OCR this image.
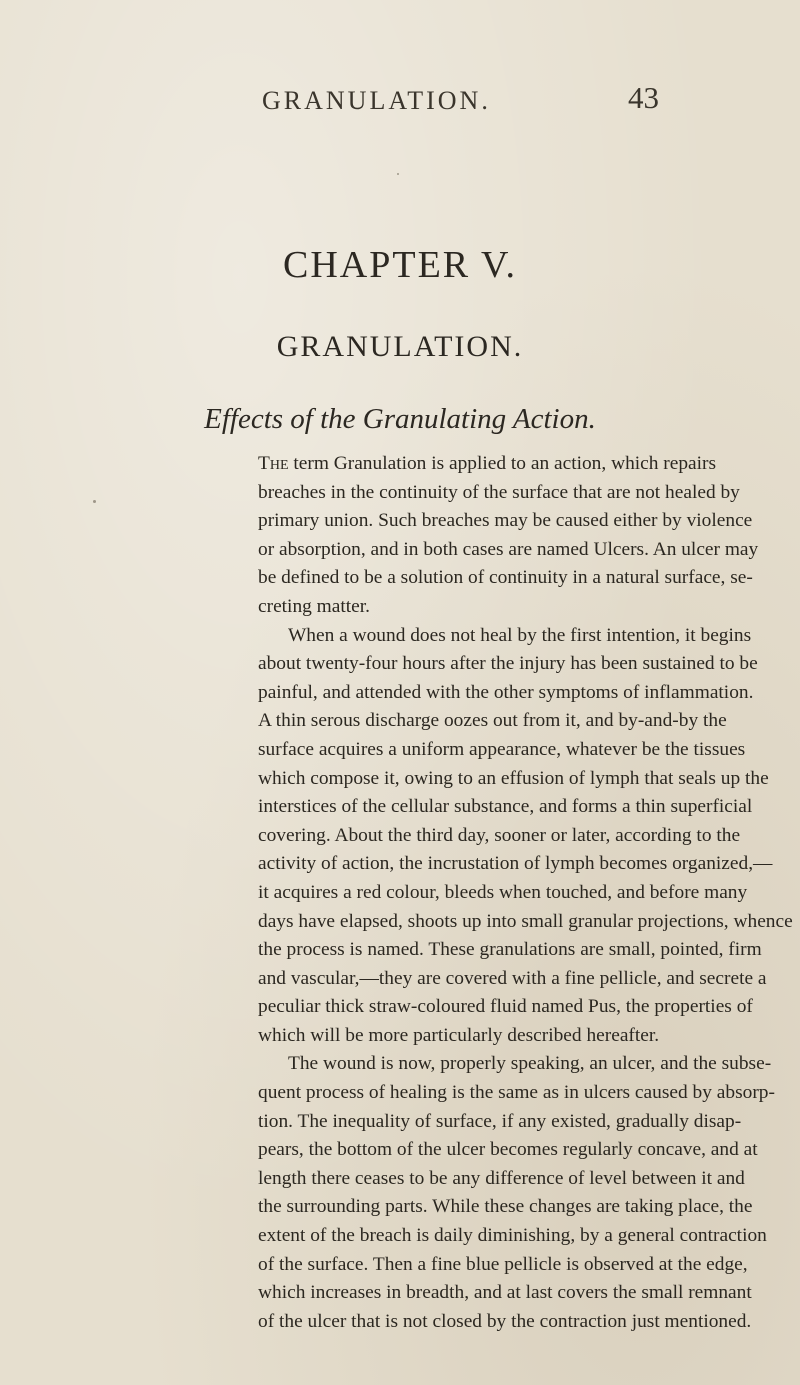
GRANULATION.	43
CHAPTER V.
GRANULATION.
Effects of the Granulating Action.
The term Granulation is applied to an action, which repairs
breaches in the continuity of the surface that are not healed by
primary union. Such breaches may be caused either by violence
or absorption, and in both cases are named Ulcers. An ulcer may
be defined to be a solution of continuity in a natural surface, se-
creting matter.
When a wound does not heal by the first intention, it begins
about twenty-four hours after the injury has been sustained to be
painful, and attended with the other symptoms of inflammation.
A thin serous discharge oozes out from it, and by-and-by the
surface acquires a uniform appearance, whatever be the tissues
which compose it, owing to an effusion of lymph that seals up the
interstices of the cellular substance, and forms a thin superficial
covering. About the third day, sooner or later, according to the
activity of action, the incrustation of lymph becomes organized,—
it acquires a red colour, bleeds when touched, and before many
days have elapsed, shoots up into small granular projections, whence
the process is named. These granulations are small, pointed, firm
and vascular,—they are covered with a fine pellicle, and secrete a
peculiar thick straw-coloured fluid named Pus, the properties of
which will be more particularly described hereafter.
The wound is now, properly speaking, an ulcer, and the subse-
quent process of healing is the same as in ulcers caused by absorp-
tion. The inequality of surface, if any existed, gradually disap-
pears, the bottom of the ulcer becomes regularly concave, and at
length there ceases to be any difference of level between it and
the surrounding parts. While these changes are taking place, the
extent of the breach is daily diminishing, by a general contraction
of the surface. Then a fine blue pellicle is observed at the edge,
which increases in breadth, and at last covers the small remnant
of the ulcer that is not closed by the contraction just mentioned.
